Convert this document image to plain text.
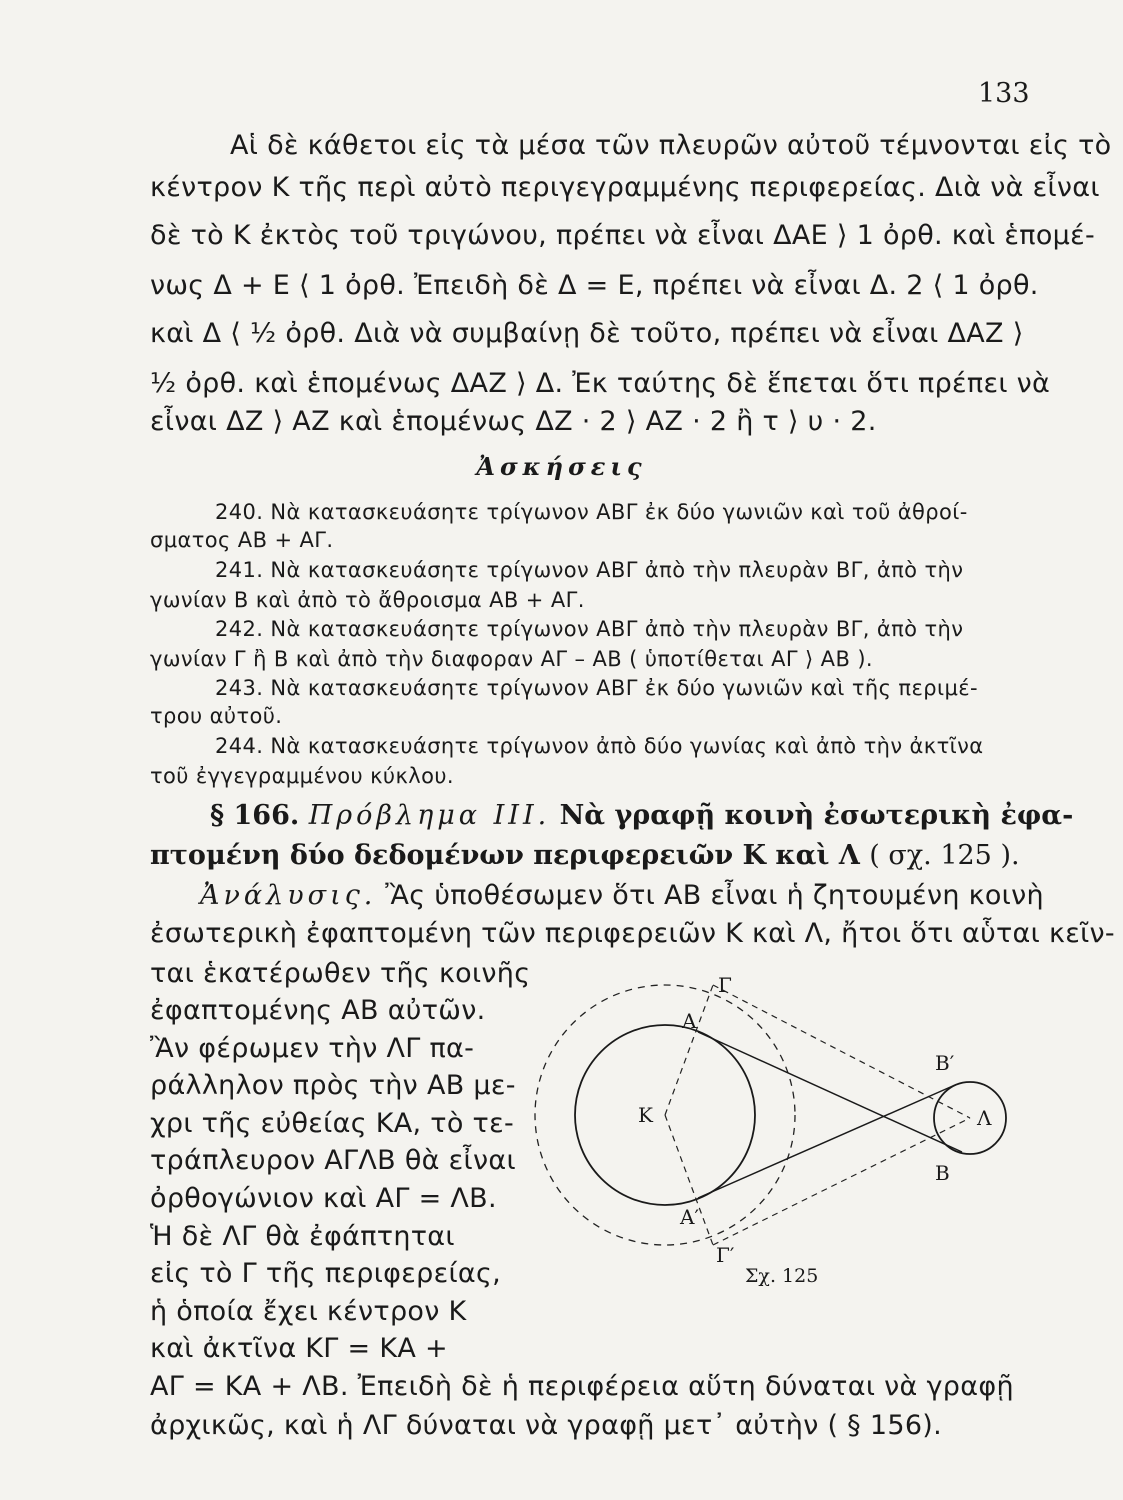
133
Αἱ δὲ κάθετοι εἰς τὰ μέσα τῶν πλευρῶν αὐτοῦ τέμνονται εἰς τὸ
κέντρον Κ τῆς περὶ αὐτὸ περιγεγραμμένης περιφερείας. Διὰ νὰ εἶναι
δὲ τὸ Κ ἐκτὸς τοῦ τριγώνου, πρέπει νὰ εἶναι ΔΑΕ ⟩ 1 ὀρθ. καὶ ἑπομέ-
νως Δ + Ε ⟨ 1 ὀρθ. Ἐπειδὴ δὲ Δ = Ε, πρέπει νὰ εἶναι Δ. 2 ⟨ 1 ὀρθ.
καὶ Δ ⟨ ½ ὀρθ. Διὰ νὰ συμβαίνῃ δὲ τοῦτο, πρέπει νὰ εἶναι ΔΑΖ ⟩
½ ὀρθ. καὶ ἑπομένως ΔΑΖ ⟩ Δ. Ἐκ ταύτης δὲ ἕπεται ὅτι πρέπει νὰ
εἶναι ΔΖ ⟩ ΑΖ καὶ ἑπομένως ΔΖ · 2 ⟩ ΑΖ · 2 ἢ τ ⟩ υ · 2.
Ἀσκήσεις
240. Νὰ κατασκευάσητε τρίγωνον ΑΒΓ ἐκ δύο γωνιῶν καὶ τοῦ ἀθροί-
σματος ΑΒ + ΑΓ.
241. Νὰ κατασκευάσητε τρίγωνον ΑΒΓ ἀπὸ τὴν πλευρὰν ΒΓ, ἀπὸ τὴν
γωνίαν Β καὶ ἀπὸ τὸ ἄθροισμα ΑΒ + ΑΓ.
242. Νὰ κατασκευάσητε τρίγωνον ΑΒΓ ἀπὸ τὴν πλευρὰν ΒΓ, ἀπὸ τὴν
γωνίαν Γ ἢ Β καὶ ἀπὸ τὴν διαφοραν ΑΓ – ΑΒ ( ὑποτίθεται ΑΓ ⟩ ΑΒ ).
243. Νὰ κατασκευάσητε τρίγωνον ΑΒΓ ἐκ δύο γωνιῶν καὶ τῆς περιμέ-
τρου αὐτοῦ.
244. Νὰ κατασκευάσητε τρίγωνον ἀπὸ δύο γωνίας καὶ ἀπὸ τὴν ἀκτῖνα
τοῦ ἐγγεγραμμένου κύκλου.
§ 166. Πρόβλημα ΙΙΙ. Νὰ γραφῇ κοινὴ ἐσωτερικὴ ἐφα-
πτομένη δύο δεδομένων περιφερειῶν Κ καὶ Λ ( σχ. 125 ).
Ἀνάλυσις. Ἂς ὑποθέσωμεν ὅτι ΑΒ εἶναι ἡ ζητουμένη κοινὴ
ἐσωτερικὴ ἐφαπτομένη τῶν περιφερειῶν Κ καὶ Λ, ἤτοι ὅτι αὗται κεῖν-
ται ἑκατέρωθεν τῆς κοινῆς
ἐφαπτομένης ΑΒ αὐτῶν.
Ἂν φέρωμεν τὴν ΛΓ πα-
ράλληλον πρὸς τὴν ΑΒ με-
χρι τῆς εὐθείας ΚΑ, τὸ τε-
τράπλευρον ΑΓΛΒ θὰ εἶναι
ὀρθογώνιον καὶ ΑΓ = ΛΒ.
Ἡ δὲ ΛΓ θὰ ἐφάπτηται
εἰς τὸ Γ τῆς περιφερείας,
ἡ ὁποία ἔχει κέντρον Κ
καὶ ἀκτῖνα ΚΓ = ΚΑ +
ΑΓ = ΚΑ + ΛΒ. Ἐπειδὴ δὲ ἡ περιφέρεια αὕτη δύναται νὰ γραφῇ
ἀρχικῶς, καὶ ἡ ΛΓ δύναται νὰ γραφῇ μετ᾽ αὐτὴν ( § 156).
Κ	Λ
Α
Α′
Β
Β′
Γ
Γ′
Σχ. 125
